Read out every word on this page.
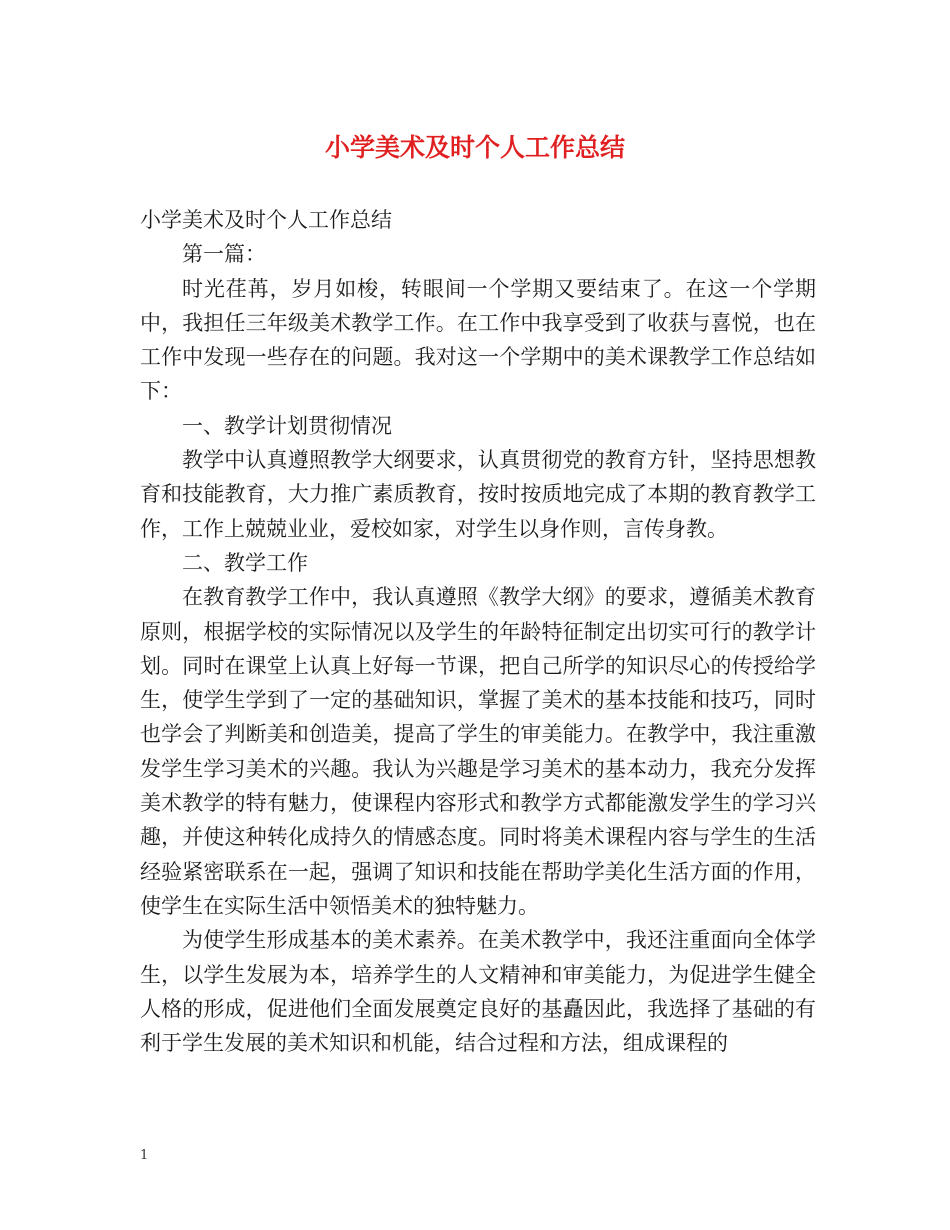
小学美术及时个人工作总结

小学美术及时个人工作总结

第一篇：

时光荏苒，岁月如梭，转眼间一个学期又要结束了。在这一个学期中，我担任三年级美术教学工作。在工作中我享受到了收获与喜悦，也在工作中发现一些存在的问题。我对这一个学期中的美术课教学工作总结如下：

一、教学计划贯彻情况

教学中认真遵照教学大纲要求，认真贯彻党的教育方针，坚持思想教育和技能教育，大力推广素质教育，按时按质地完成了本期的教育教学工作，工作上兢兢业业，爱校如家，对学生以身作则，言传身教。

二、教学工作

在教育教学工作中，我认真遵照《教学大纲》的要求，遵循美术教育原则，根据学校的实际情况以及学生的年龄特征制定出切实可行的教学计划。同时在课堂上认真上好每一节课，把自己所学的知识尽心的传授给学生，使学生学到了一定的基础知识，掌握了美术的基本技能和技巧，同时也学会了判断美和创造美，提高了学生的审美能力。在教学中，我注重激发学生学习美术的兴趣。我认为兴趣是学习美术的基本动力，我充分发挥美术教学的特有魅力，使课程内容形式和教学方式都能激发学生的学习兴趣，并使这种转化成持久的情感态度。同时将美术课程内容与学生的生活经验紧密联系在一起，强调了知识和技能在帮助学美化生活方面的作用，使学生在实际生活中领悟美术的独特魅力。

为使学生形成基本的美术素养。在美术教学中，我还注重面向全体学生，以学生发展为本，培养学生的人文精神和审美能力，为促进学生健全人格的形成，促进他们全面发展奠定良好的基矗因此，我选择了基础的有利于学生发展的美术知识和机能，结合过程和方法，组成课程的

1
